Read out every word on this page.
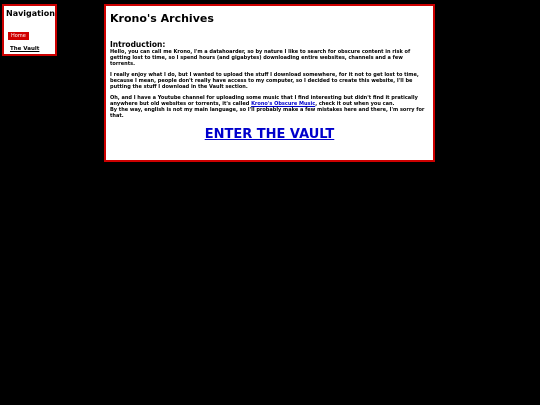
Navigation
Home
The Vault
Krono's Archives
Introduction:

Hello, you can call me Krono, I'm a datahoarder, so by nature I like to search for obscure content in risk of getting lost to time, so I spend hours (and gigabytes) downloading entire websites, channels and a few torrents.

I really enjoy what I do, but I wanted to upload the stuff I download somewhere, for it not to get lost to time, because I mean, people don't really have access to my computer, so I decided to create this website, I'll be putting the stuff I download in the Vault section.

Oh, and I have a Youtube channel for uploading some music that I find interesting but didn't find it pratically anywhere but old websites or torrents, it's called Krono's Obscure Music, check it out when you can.
By the way, english is not my main language, so I'll probably make a few mistakes here and there, I'm sorry for that.

ENTER THE VAULT
